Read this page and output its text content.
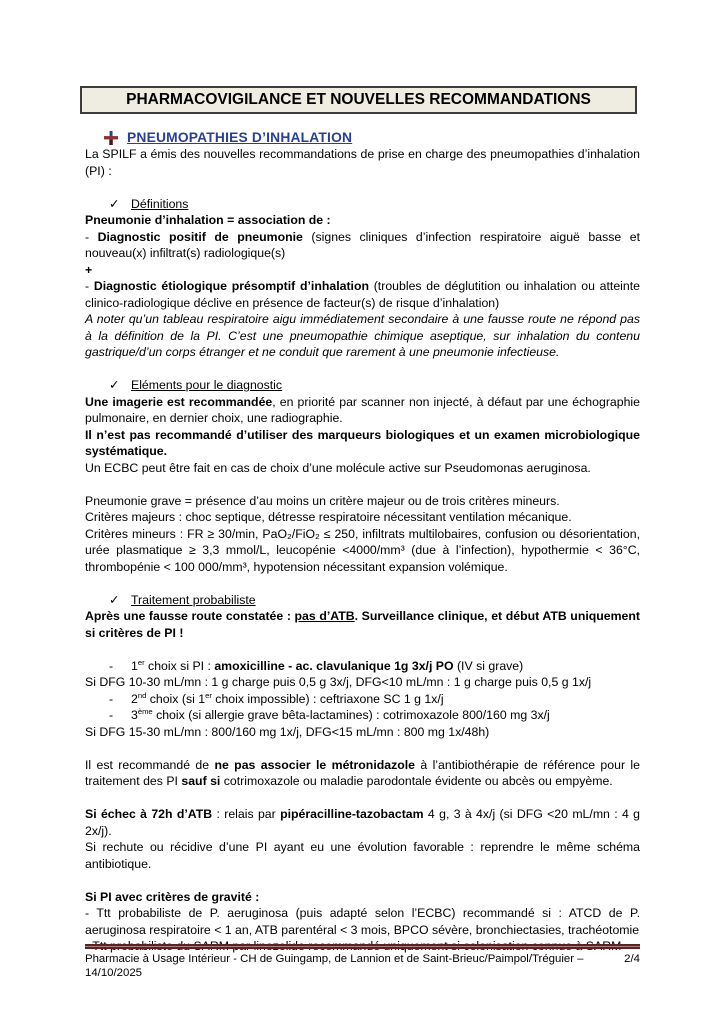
PHARMACOVIGILANCE ET NOUVELLES RECOMMANDATIONS
PNEUMOPATHIES D’INHALATION
La SPILF a émis des nouvelles recommandations de prise en charge des pneumopathies d’inhalation (PI) :
✓ Définitions
Pneumonie d’inhalation = association de :
- Diagnostic positif de pneumonie (signes cliniques d’infection respiratoire aiguë basse et nouveau(x) infiltrat(s) radiologique(s)
+
- Diagnostic étiologique présomptif d’inhalation (troubles de déglutition ou inhalation ou atteinte clinico-radiologique déclive en présence de facteur(s) de risque d’inhalation)
A noter qu’un tableau respiratoire aigu immédiatement secondaire à une fausse route ne répond pas à la définition de la PI. C’est une pneumopathie chimique aseptique, sur inhalation du contenu gastrique/d’un corps étranger et ne conduit que rarement à une pneumonie infectieuse.
✓ Eléments pour le diagnostic
Une imagerie est recommandée, en priorité par scanner non injecté, à défaut par une échographie pulmonaire, en dernier choix, une radiographie.
Il n’est pas recommandé d’utiliser des marqueurs biologiques et un examen microbiologique systématique.
Un ECBC peut être fait en cas de choix d’une molécule active sur Pseudomonas aeruginosa.
Pneumonie grave = présence d’au moins un critère majeur ou de trois critères mineurs.
Critères majeurs : choc septique, détresse respiratoire nécessitant ventilation mécanique.
Critères mineurs : FR ≥ 30/min, PaO₂/FiO₂ ≤ 250, infiltrats multilobaires, confusion ou désorientation, urée plasmatique ≥ 3,3 mmol/L, leucopénie <4000/mm³ (due à l’infection), hypothermie < 36°C, thrombopénie < 100 000/mm³, hypotension nécessitant expansion volémique.
✓ Traitement probabiliste
Après une fausse route constatée : pas d’ATB. Surveillance clinique, et début ATB uniquement si critères de PI !
-	1er choix si PI : amoxicilline - ac. clavulanique 1g 3x/j PO (IV si grave)
Si DFG 10-30 mL/mn : 1 g charge puis 0,5 g 3x/j, DFG<10 mL/mn : 1 g charge puis 0,5 g 1x/j
-	2nd choix (si 1er choix impossible) : ceftriaxone SC 1 g 1x/j
-	3ème choix (si allergie grave bêta-lactamines) : cotrimoxazole 800/160 mg 3x/j
Si DFG 15-30 mL/mn : 800/160 mg 1x/j, DFG<15 mL/mn : 800 mg 1x/48h)
Il est recommandé de ne pas associer le métronidazole à l’antibiothérapie de référence pour le traitement des PI sauf si cotrimoxazole ou maladie parodontale évidente ou abcès ou empyème.
Si échec à 72h d’ATB : relais par pipéracilline-tazobactam 4 g, 3 à 4x/j (si DFG <20 mL/mn : 4 g 2x/j).
Si rechute ou récidive d’une PI ayant eu une évolution favorable : reprendre le même schéma antibiotique.
Si PI avec critères de gravité :
- Ttt probabiliste de P. aeruginosa (puis adapté selon l’ECBC) recommandé si : ATCD de P. aeruginosa respiratoire < 1 an, ATB parentéral < 3 mois, BPCO sévère, bronchiectasies, trachéotomie
Pharmacie à Usage Intérieur - CH de Guingamp, de Lannion et de Saint-Brieuc/Paimpol/Tréguier – 14/10/2025
2/4
